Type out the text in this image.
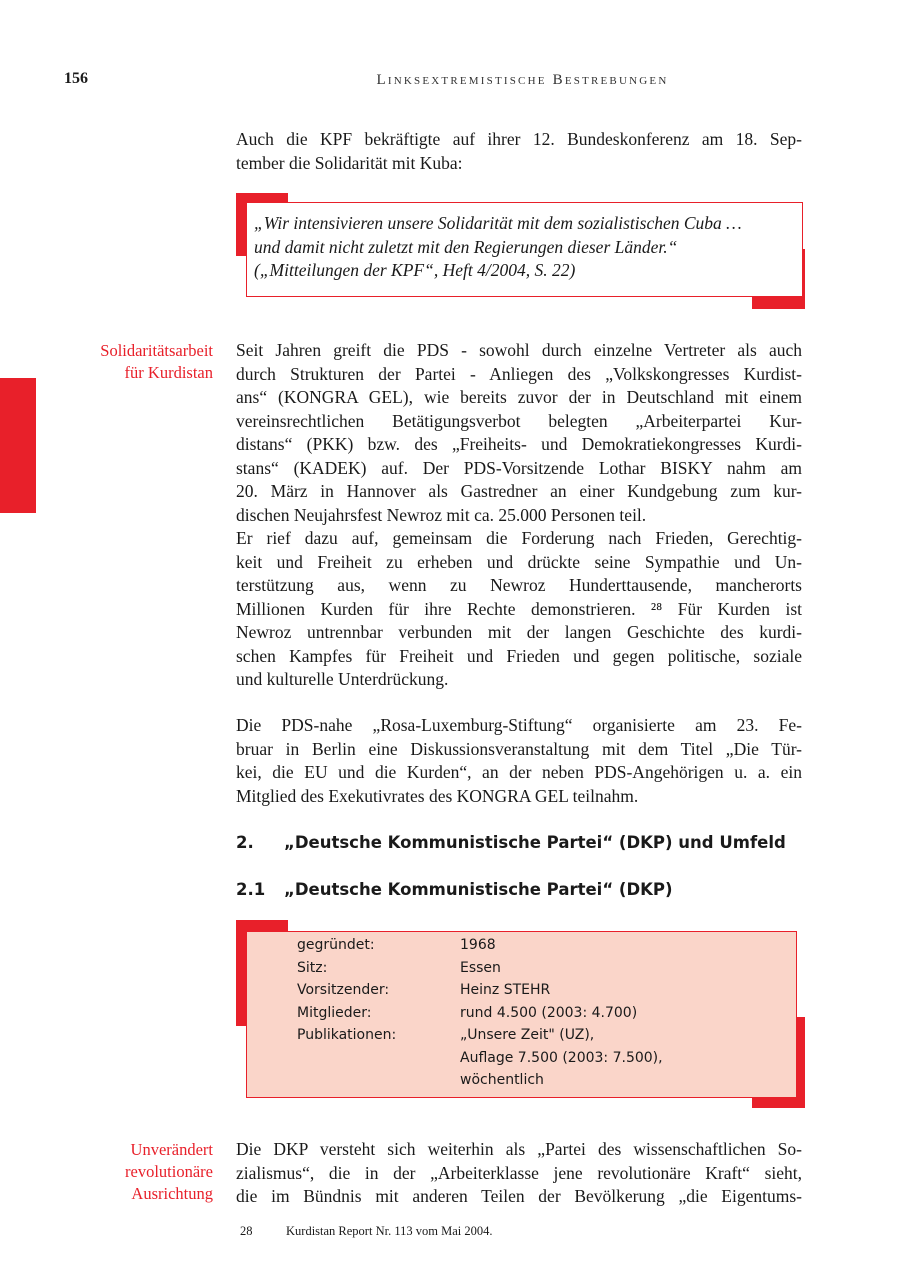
156	Linksextremistische Bestrebungen
Auch die KPF bekräftigte auf ihrer 12. Bundeskonferenz am 18. Sep-
tember die Solidarität mit Kuba:
„Wir intensivieren unsere Solidarität mit dem sozialistischen Cuba …
und damit nicht zuletzt mit den Regierungen dieser Länder.“
(„Mitteilungen der KPF“, Heft 4/2004, S. 22)
Solidaritätsarbeit
für Kurdistan
Seit Jahren greift die PDS - sowohl durch einzelne Vertreter als auch
durch Strukturen der Partei - Anliegen des „Volkskongresses Kurdist-
ans“ (KONGRA GEL), wie bereits zuvor der in Deutschland mit einem
vereinsrechtlichen Betätigungsverbot belegten „Arbeiterpartei Kur-
distans“ (PKK) bzw. des „Freiheits- und Demokratiekongresses Kurdi-
stans“ (KADEK) auf. Der PDS-Vorsitzende Lothar BISKY nahm am
20. März in Hannover als Gastredner an einer Kundgebung zum kur-
dischen Neujahrsfest Newroz mit ca. 25.000 Personen teil.
Er rief dazu auf, gemeinsam die Forderung nach Frieden, Gerechtig-
keit und Freiheit zu erheben und drückte seine Sympathie und Un-
terstützung aus, wenn zu Newroz Hunderttausende, mancherorts
Millionen Kurden für ihre Rechte demonstrieren. ²⁸ Für Kurden ist
Newroz untrennbar verbunden mit der langen Geschichte des kurdi-
schen Kampfes für Freiheit und Frieden und gegen politische, soziale
und kulturelle Unterdrückung.
Die PDS-nahe „Rosa-Luxemburg-Stiftung“ organisierte am 23. Fe-
bruar in Berlin eine Diskussionsveranstaltung mit dem Titel „Die Tür-
kei, die EU und die Kurden“, an der neben PDS-Angehörigen u. a. ein
Mitglied des Exekutivrates des KONGRA GEL teilnahm.
2. „Deutsche Kommunistische Partei“ (DKP) und Umfeld
2.1 „Deutsche Kommunistische Partei“ (DKP)
gegründet:	1968
Sitz:	Essen
Vorsitzender:	Heinz STEHR
Mitglieder:	rund 4.500 (2003: 4.700)
Publikationen:	„Unsere Zeit" (UZ),
Auflage 7.500 (2003: 7.500),
wöchentlich
Unverändert
revolutionäre
Ausrichtung
Die DKP versteht sich weiterhin als „Partei des wissenschaftlichen So-
zialismus“, die in der „Arbeiterklasse jene revolutionäre Kraft“ sieht,
die im Bündnis mit anderen Teilen der Bevölkerung „die Eigentums-
28	Kurdistan Report Nr. 113 vom Mai 2004.
